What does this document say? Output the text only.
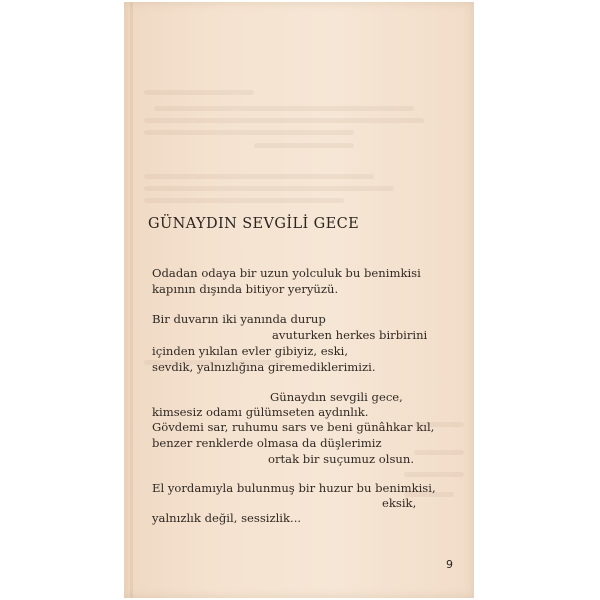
GÜNAYDIN SEVGİLİ GECE
Odadan odaya bir uzun yolculuk bu benimkisi
kapının dışında bitiyor yeryüzü.
Bir duvarın iki yanında durup
avuturken herkes birbirini
içinden yıkılan evler gibiyiz, eski,
sevdik, yalnızlığına giremediklerimizi.
Günaydın sevgili gece,
kimsesiz odamı gülümseten aydınlık.
Gövdemi sar, ruhumu sars ve beni günâhkar kıl,
benzer renklerde olmasa da düşlerimiz
ortak bir suçumuz olsun.
El yordamıyla bulunmuş bir huzur bu benimkisi,
eksik,
yalnızlık değil, sessizlik...
9
